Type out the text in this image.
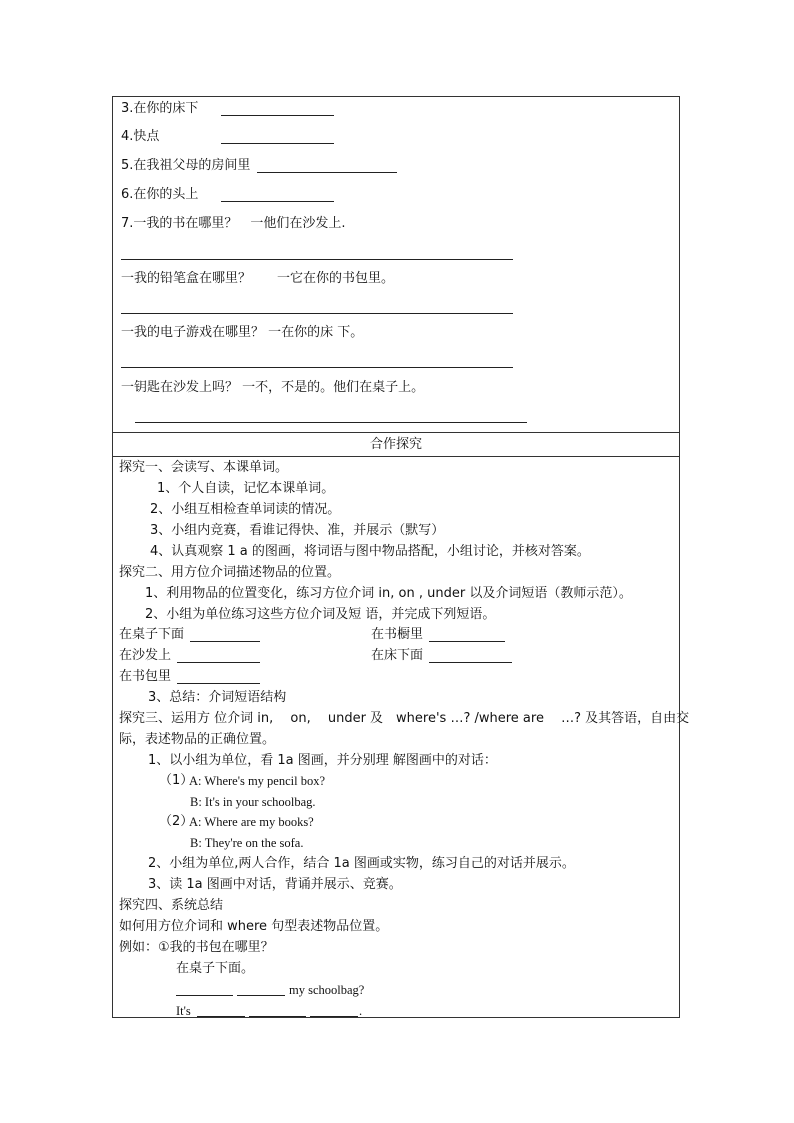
3.在你的床下
4.快点
5.在我祖父母的房间里
6.在你的头上
7.一我的书在哪里？　一他们在沙发上.
一我的铅笔盒在哪里？　　一它在你的书包里。
一我的电子游戏在哪里？ 一在你的床 下。
一钥匙在沙发上吗？ 一不，不是的。他们在桌子上。
合作探究
探究一、会读写、本课单词。
1、个人自读，记忆本课单词。
2、小组互相检查单词读的情况。
3、小组内竞赛，看谁记得快、准，并展示（默写）
4、认真观察 1 a 的图画，将词语与图中物品搭配，小组讨论，并核对答案。
探究二、用方位介词描述物品的位置。
1、利用物品的位置变化，练习方位介词 in, on , under 以及介词短语（教师示范）。
2、小组为单位练习这些方位介词及短 语，并完成下列短语。
在桌子下面	在书橱里
在沙发上	在床下面
在书包里
3、总结：介词短语结构
探究三、运用方 位介词 in,　 on,　 under 及　where's …? /where are　 …? 及其答语，自由交
际，表述物品的正确位置。
1、以小组为单位，看 1a 图画，并分别理 解图画中的对话：
（1）
A: Where's my pencil box?
B: It's in your schoolbag.
（2）
A: Where are my books?
B: They're on the sofa.
2、小组为单位,两人合作，结合 1a 图画或实物，练习自己的对话并展示。
3、读 1a 图画中对话，背诵并展示、竞赛。
探究四、系统总结
如何用方位介词和 where 句型表述物品位置。
例如：①我的书包在哪里？
在桌子下面。
my schoolbag?
It's	.
